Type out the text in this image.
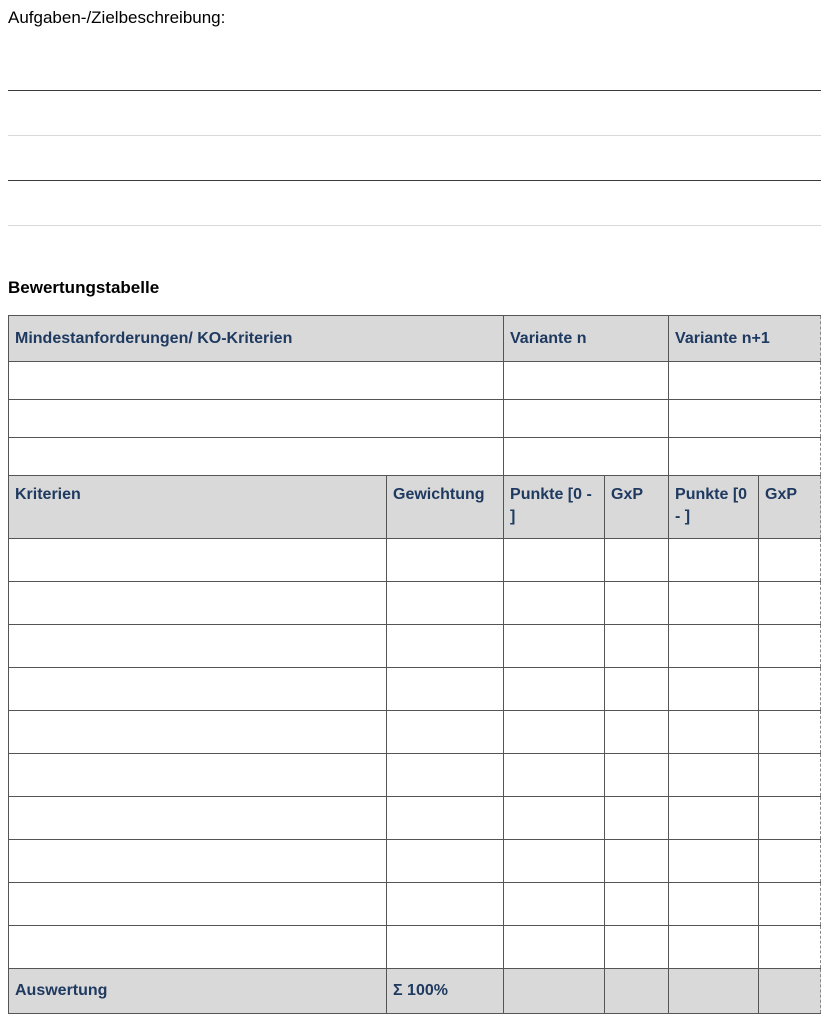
Aufgaben-/Zielbeschreibung:
Bewertungstabelle
Mindestanforderungen/ KO-Kriterien		Variante n		Variante n+1	

Kriterien	Gewichtung	Punkte [0 - ]	GxP	Punkte [0 - ]	GxP

Auswertung	Σ 100%				
